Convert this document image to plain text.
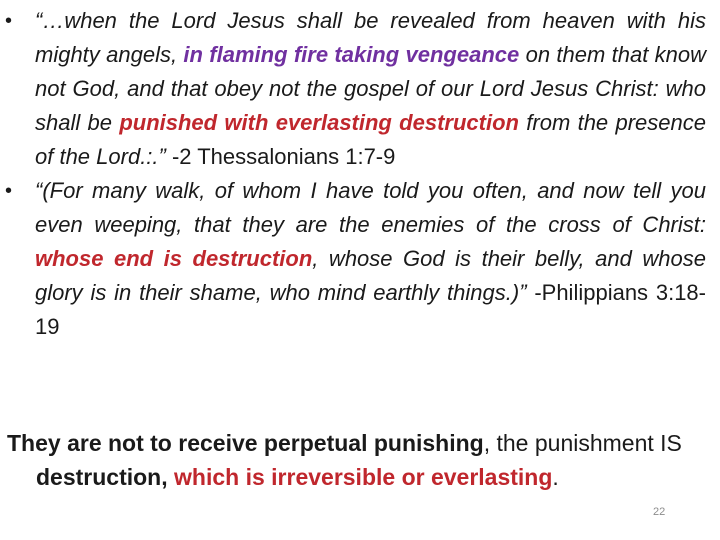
• “…when the Lord Jesus shall be revealed from heaven with his mighty angels, in flaming fire taking vengeance on them that know not God, and that obey not the gospel of our Lord Jesus Christ: who shall be punished with everlasting destruction from the presence of the Lord.:.” -2 Thessalonians 1:7-9
• “(For many walk, of whom I have told you often, and now tell you even weeping, that they are the enemies of the cross of Christ: whose end is destruction, whose God is their belly, and whose glory is in their shame, who mind earthly things.)” -Philippians 3:18-19
They are not to receive perpetual punishing, the punishment IS destruction, which is irreversible or everlasting.
22
